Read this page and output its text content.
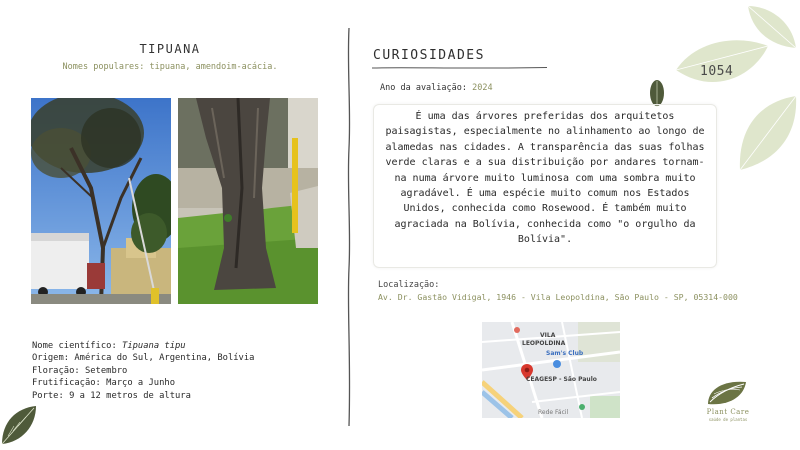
TIPUANA
Nomes populares: tipuana, amendoim-acácia.
Nome científico: Tipuana tipu
Origem: América do Sul, Argentina, Bolívia
Floração: Setembro
Frutificação: Março a Junho
Porte: 9 a 12 metros de altura
CURIOSIDADES
Ano da avaliação: 2024

É uma das árvores preferidas dos arquitetos paisagistas, especialmente no alinhamento ao longo de alamedas nas cidades. A transparência das suas folhas verde claras e a sua distribuição por andares tornam-na numa árvore muito luminosa com uma sombra muito agradável. É uma espécie muito comum nos Estados Unidos, conhecida como Rosewood. É também muito agraciada na Bolívia, conhecida como "o orgulho da Bolívia".

Localização:
Av. Dr. Gastão Vidigal, 1946 - Vila Leopoldina, São Paulo - SP, 05314-000
VILA
LEOPOLDINA
Sam's Club
CEAGESP - São Paulo
Rede Fácil
1054
Plant Care
saúde de plantas
